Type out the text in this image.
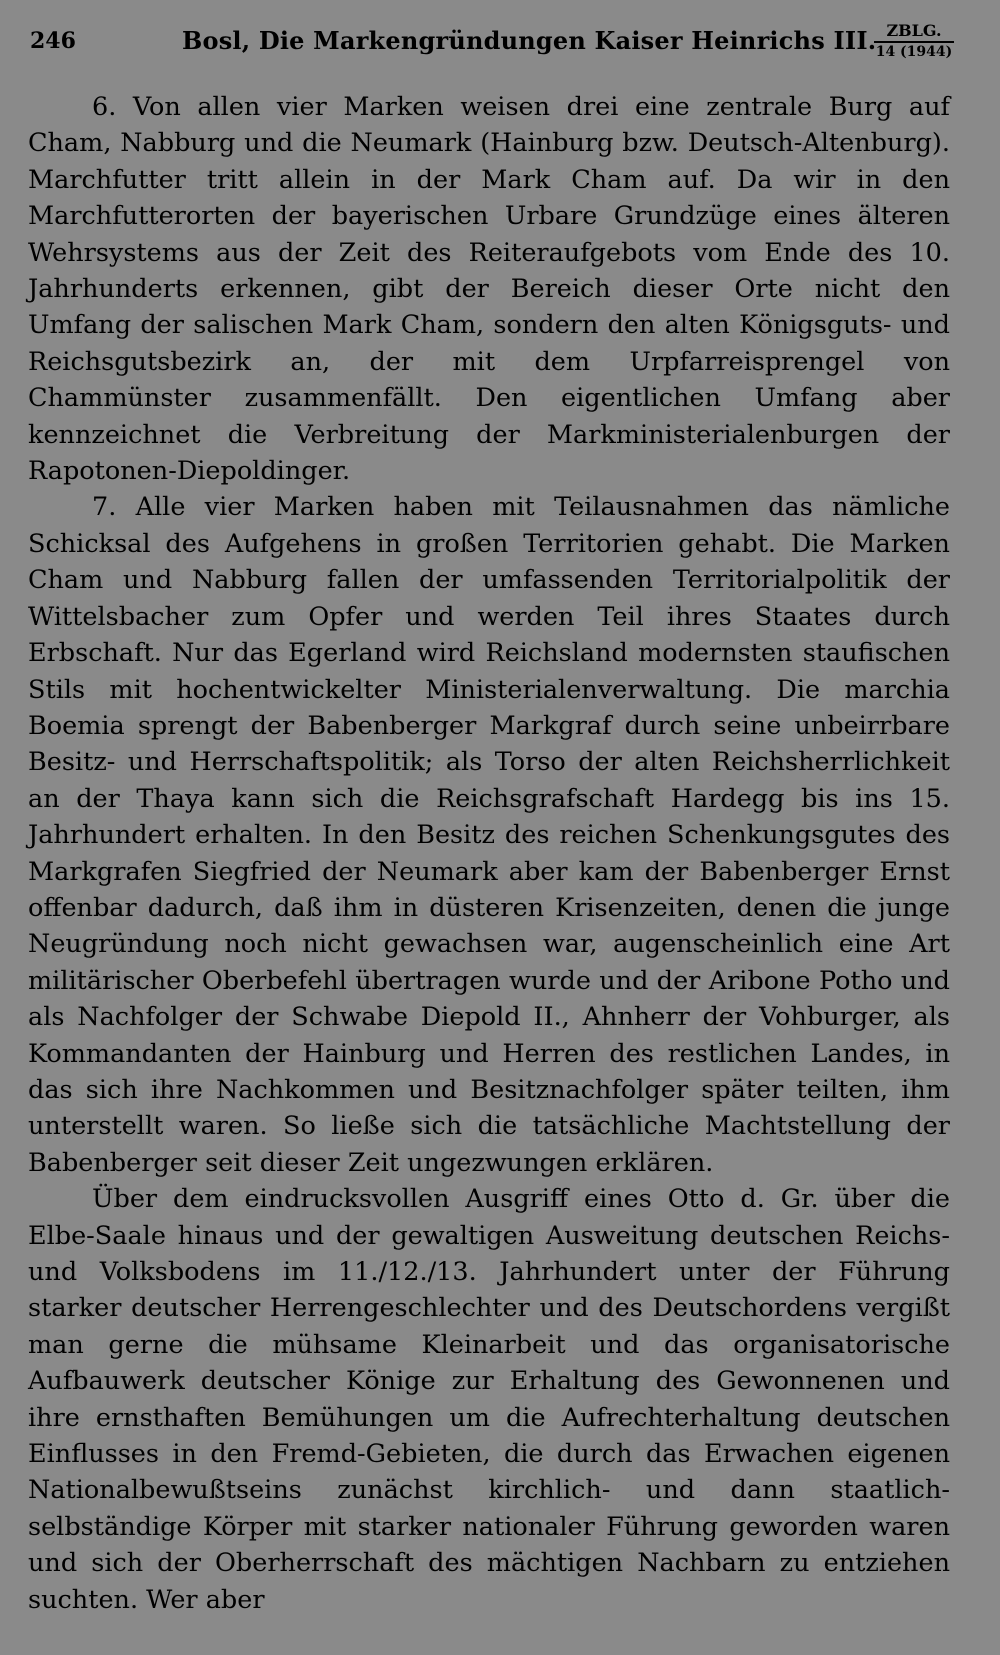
246	Bosl, Die Markengründungen Kaiser Heinrichs III. ZBLG.
14 (1944)

6. Von allen vier Marken weisen drei eine zentrale Burg auf Cham, Nabburg und die Neumark (Hainburg bzw. Deutsch-Altenburg). Marchfutter tritt allein in der Mark Cham auf. Da wir in den Marchfutterorten der bayerischen Urbare Grundzüge eines älteren Wehrsystems aus der Zeit des Reiteraufgebots vom Ende des 10. Jahrhunderts erkennen, gibt der Bereich dieser Orte nicht den Umfang der salischen Mark Cham, sondern den alten Königsguts- und Reichsgutsbezirk an, der mit dem Urpfarreisprengel von Chammünster zusammenfällt. Den eigentlichen Umfang aber kennzeichnet die Verbreitung der Markministerialenburgen der Rapotonen-Diepoldinger.

7. Alle vier Marken haben mit Teilausnahmen das nämliche Schicksal des Aufgehens in großen Territorien gehabt. Die Marken Cham und Nabburg fallen der umfassenden Territorialpolitik der Wittelsbacher zum Opfer und werden Teil ihres Staates durch Erbschaft. Nur das Egerland wird Reichsland modernsten staufischen Stils mit hochentwickelter Ministerialenverwaltung. Die marchia Boemia sprengt der Babenberger Markgraf durch seine unbeirrbare Besitz- und Herrschaftspolitik; als Torso der alten Reichsherrlichkeit an der Thaya kann sich die Reichsgrafschaft Hardegg bis ins 15. Jahrhundert erhalten. In den Besitz des reichen Schenkungsgutes des Markgrafen Siegfried der Neumark aber kam der Babenberger Ernst offenbar dadurch, daß ihm in düsteren Krisenzeiten, denen die junge Neugründung noch nicht gewachsen war, augenscheinlich eine Art militärischer Oberbefehl übertragen wurde und der Aribone Potho und als Nachfolger der Schwabe Diepold II., Ahnherr der Vohburger, als Kommandanten der Hainburg und Herren des restlichen Landes, in das sich ihre Nachkommen und Besitznachfolger später teilten, ihm unterstellt waren. So ließe sich die tatsächliche Machtstellung der Babenberger seit dieser Zeit ungezwungen erklären.

Über dem eindrucksvollen Ausgriff eines Otto d. Gr. über die Elbe-Saale hinaus und der gewaltigen Ausweitung deutschen Reichs- und Volksbodens im 11./12./13. Jahrhundert unter der Führung starker deutscher Herrengeschlechter und des Deutschordens vergißt man gerne die mühsame Kleinarbeit und das organisatorische Aufbauwerk deutscher Könige zur Erhaltung des Gewonnenen und ihre ernsthaften Bemühungen um die Aufrechterhaltung deutschen Einflusses in den Fremd-Gebieten, die durch das Erwachen eigenen Nationalbewußtseins zunächst kirchlich- und dann staatlich-selbständige Körper mit starker nationaler Führung geworden waren und sich der Oberherrschaft des mächtigen Nachbarn zu entziehen suchten. Wer aber
